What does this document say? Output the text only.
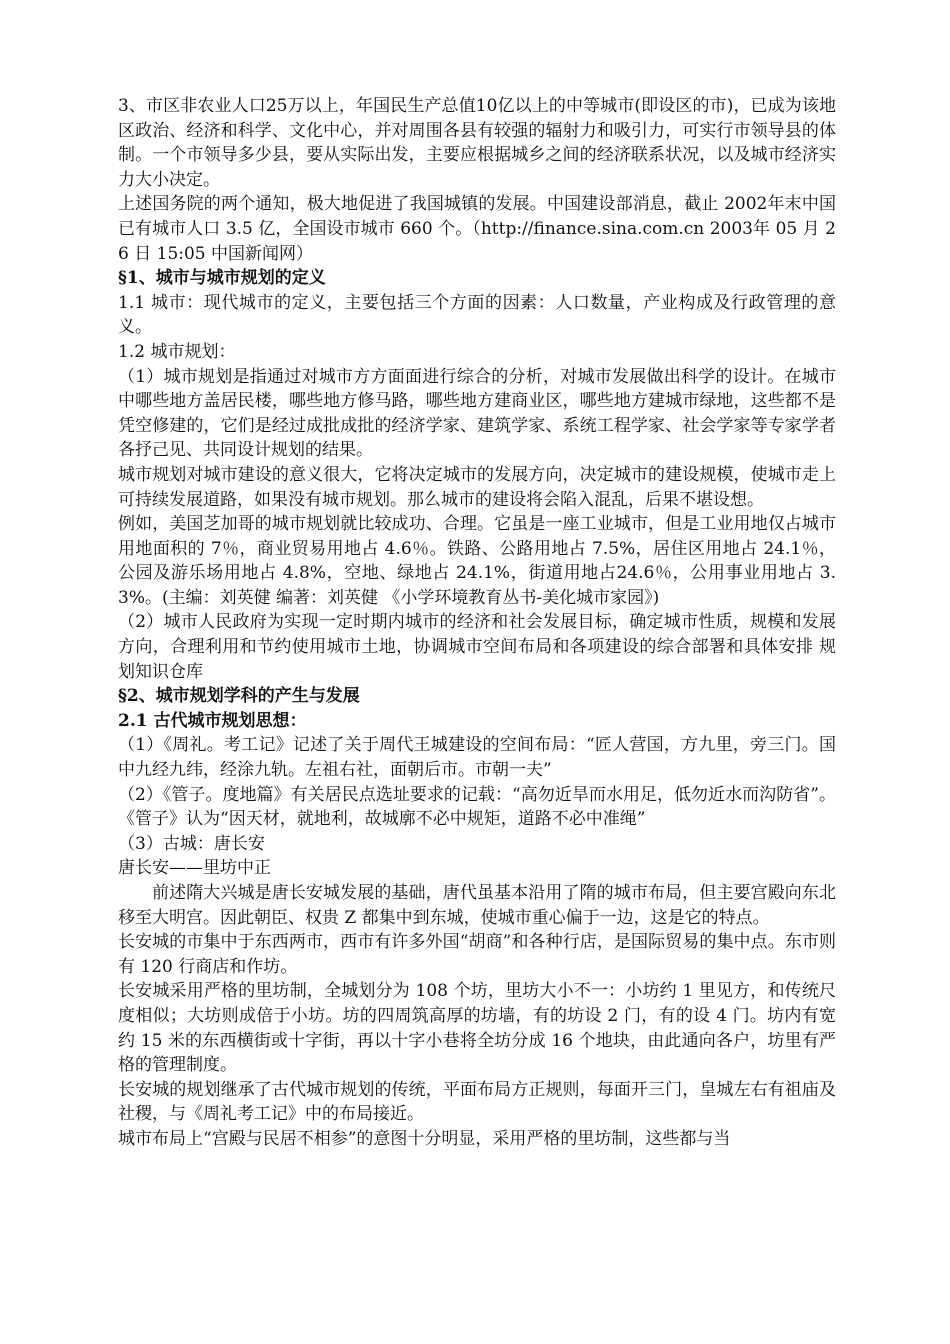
3、市区非农业人口25万以上，年国民生产总值10亿以上的中等城市(即设区的市)，已成为该地区政治、经济和科学、文化中心，并对周围各县有较强的辐射力和吸引力，可实行市领导县的体制。一个市领导多少县，要从实际出发，主要应根据城乡之间的经济联系状况，以及城市经济实力大小决定。

上述国务院的两个通知，极大地促进了我国城镇的发展。中国建设部消息，截止 2002年末中国已有城市人口 3.5 亿，全国设市城市 660 个。（http://finance.sina.com.cn 2003年 05 月 26 日 15:05 中国新闻网）

§1、城市与城市规划的定义

1.1 城市：现代城市的定义，主要包括三个方面的因素：人口数量，产业构成及行政管理的意义。

1.2 城市规划：

（1）城市规划是指通过对城市方方面面进行综合的分析，对城市发展做出科学的设计。在城市中哪些地方盖居民楼，哪些地方修马路，哪些地方建商业区，哪些地方建城市绿地，这些都不是凭空修建的，它们是经过成批成批的经济学家、建筑学家、系统工程学家、社会学家等专家学者各抒己见、共同设计规划的结果。

城市规划对城市建设的意义很大，它将决定城市的发展方向，决定城市的建设规模，使城市走上可持续发展道路，如果没有城市规划。那么城市的建设将会陷入混乱，后果不堪设想。

例如，美国芝加哥的城市规划就比较成功、合理。它虽是一座工业城市，但是工业用地仅占城市用地面积的 7％，商业贸易用地占 4.6％。铁路、公路用地占 7.5%，居住区用地占 24.1％， 公园及游乐场用地占 4.8%，空地、绿地占 24.1%，街道用地占24.6％，公用事业用地占 3.3%。(主编：刘英健 编著：刘英健 《小学环境教育丛书-美化城市家园》)

（2）城市人民政府为实现一定时期内城市的经济和社会发展目标，确定城市性质，规模和发展方向，合理利用和节约使用城市土地，协调城市空间布局和各项建设的综合部署和具体安排 规划知识仓库

§2、城市规划学科的产生与发展
2.1 古代城市规划思想：

（1）《周礼。考工记》记述了关于周代王城建设的空间布局：“匠人营国，方九里，旁三门。国中九经九纬，经涂九轨。左祖右社，面朝后市。市朝一夫”

（2）《管子。度地篇》有关居民点选址要求的记载：“高勿近旱而水用足，低勿近水而沟防省”。《管子》认为“因天材，就地利，故城廓不必中规矩，道路不必中准绳”

（3）古城：唐长安

唐长安——里坊中正

前述隋大兴城是唐长安城发展的基础，唐代虽基本沿用了隋的城市布局，但主要宫殿向东北移至大明宫。因此朝臣、权贵 Z 都集中到东城，使城市重心偏于一边，这是它的特点。

长安城的市集中于东西两市，西市有许多外国“胡商”和各种行店，是国际贸易的集中点。东市则有 120 行商店和作坊。

长安城采用严格的里坊制，全城划分为 108 个坊，里坊大小不一：小坊约 1 里见方，和传统尺度相似；大坊则成倍于小坊。坊的四周筑高厚的坊墙，有的坊设 2 门，有的设 4 门。坊内有宽约 15 米的东西横街或十字街，再以十字小巷将全坊分成 16 个地块，由此通向各户，坊里有严格的管理制度。

长安城的规划继承了古代城市规划的传统，平面布局方正规则，每面开三门，皇城左右有祖庙及社稷，与《周礼考工记》中的布局接近。

城市布局上“宫殿与民居不相参”的意图十分明显，采用严格的里坊制，这些都与当
